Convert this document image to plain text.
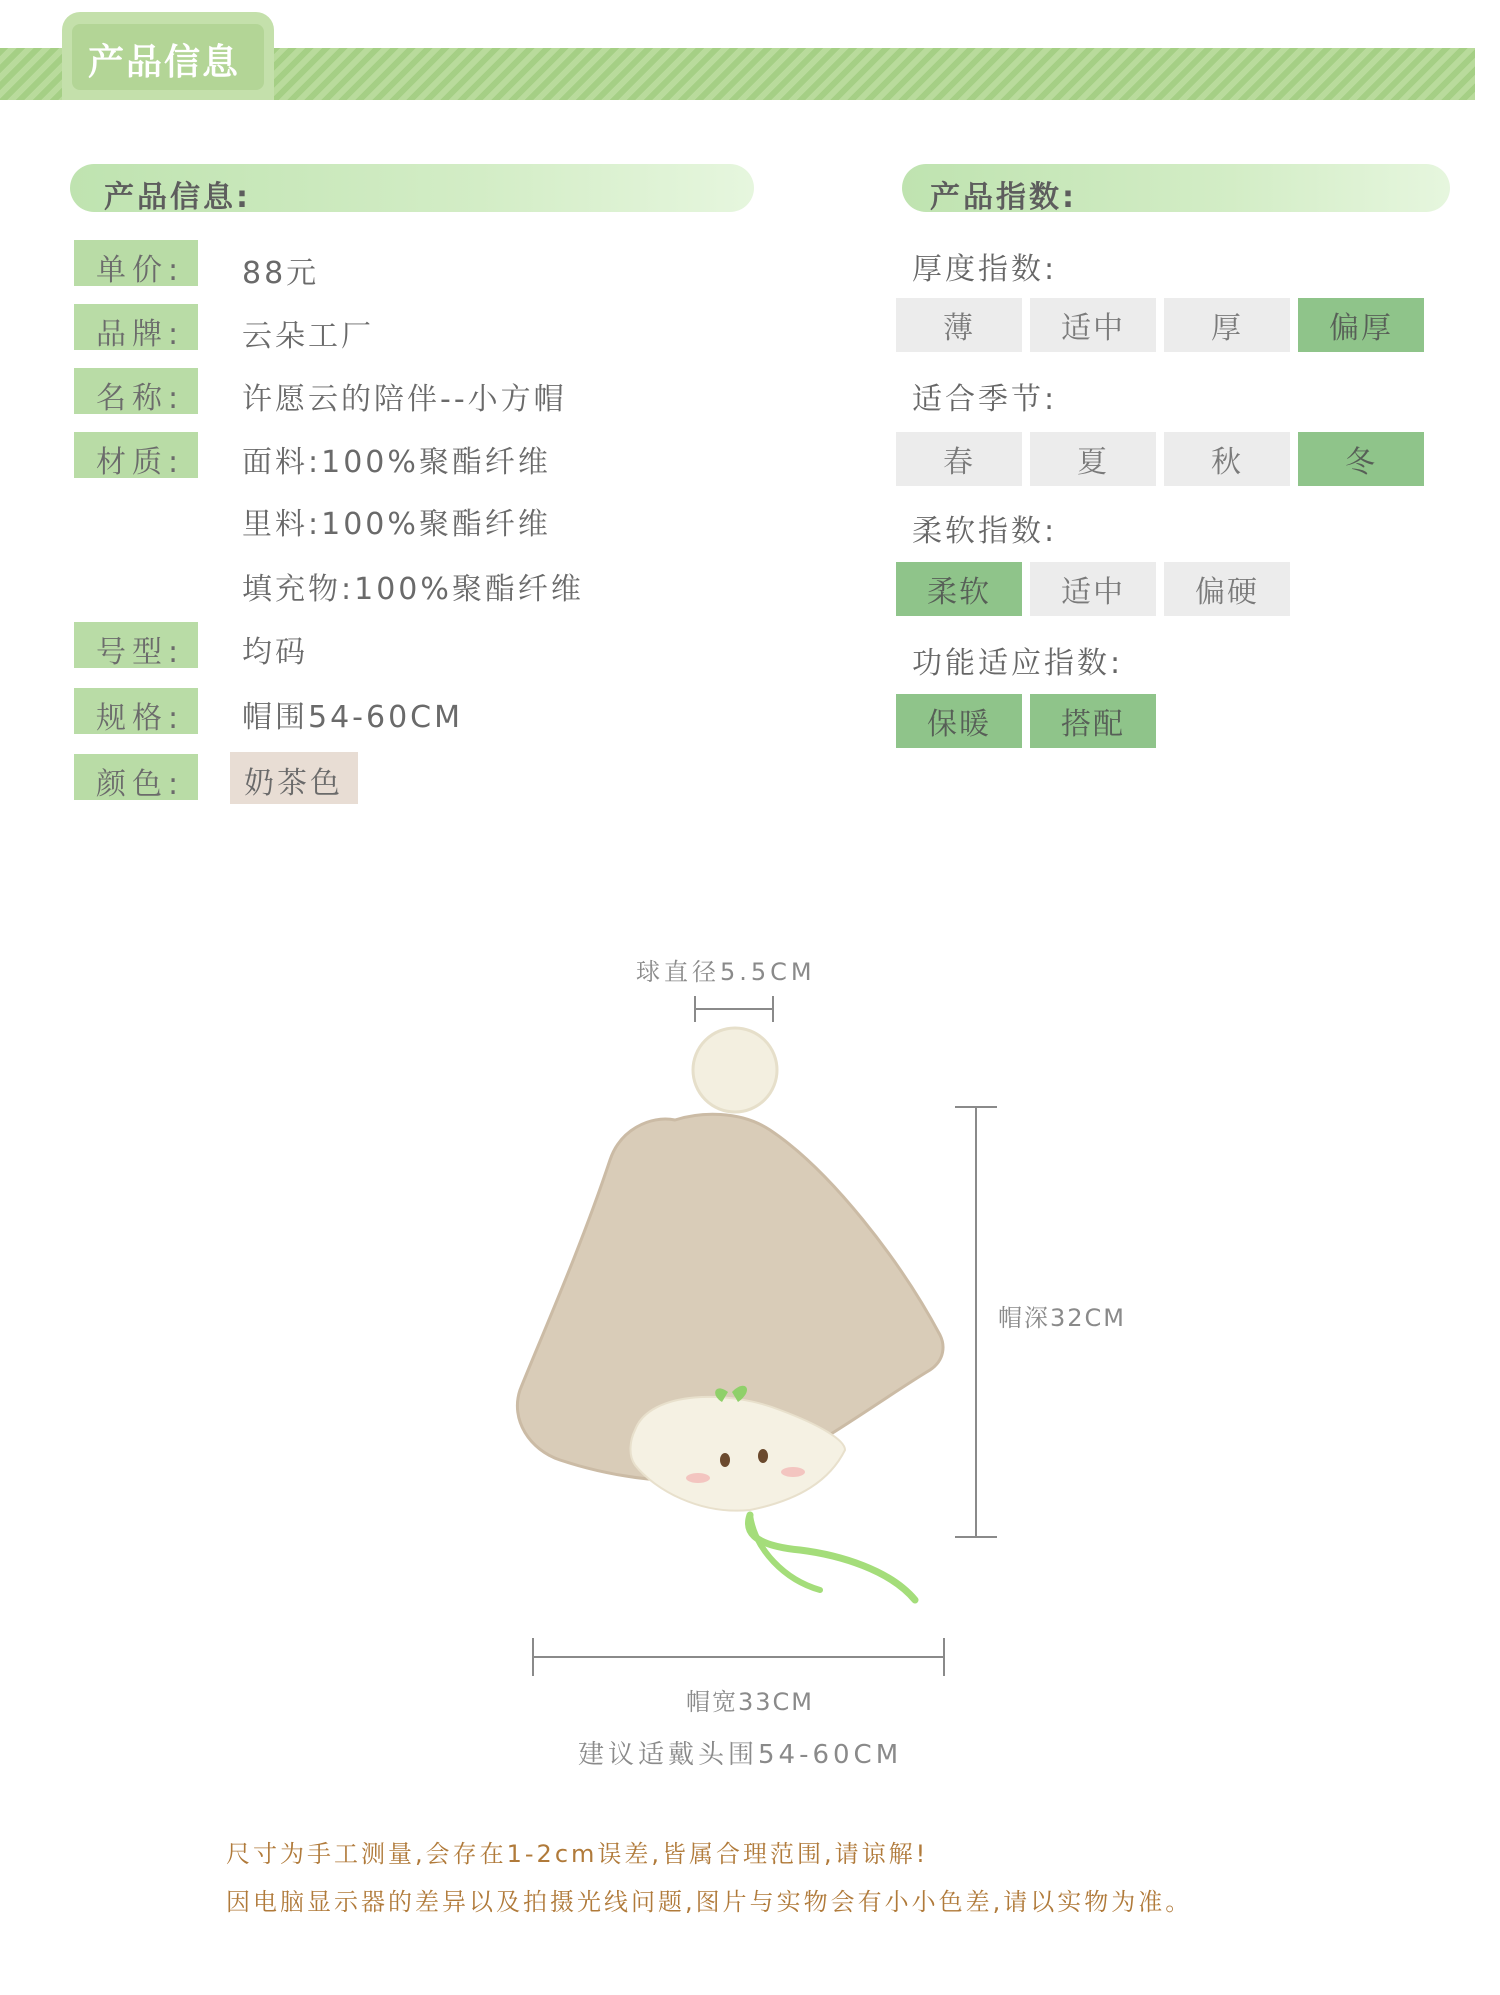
产品信息
产品信息:
单价: 88元
品牌: 云朵工厂
名称: 许愿云的陪伴--小方帽
材质: 面料:100%聚酯纤维
里料:100%聚酯纤维
填充物:100%聚酯纤维
号型: 均码
规格: 帽围54-60CM
颜色: 奶茶色
产品指数:
厚度指数:
薄	适中	厚	偏厚
适合季节:
春	夏	秋	冬
柔软指数:
柔软	适中	偏硬
功能适应指数:
保暖	搭配
球直径5.5CM
帽深32CM
帽宽33CM
建议适戴头围54-60CM
尺寸为手工测量,会存在1-2cm误差,皆属合理范围,请谅解!
因电脑显示器的差异以及拍摄光线问题,图片与实物会有小小色差,请以实物为准。
